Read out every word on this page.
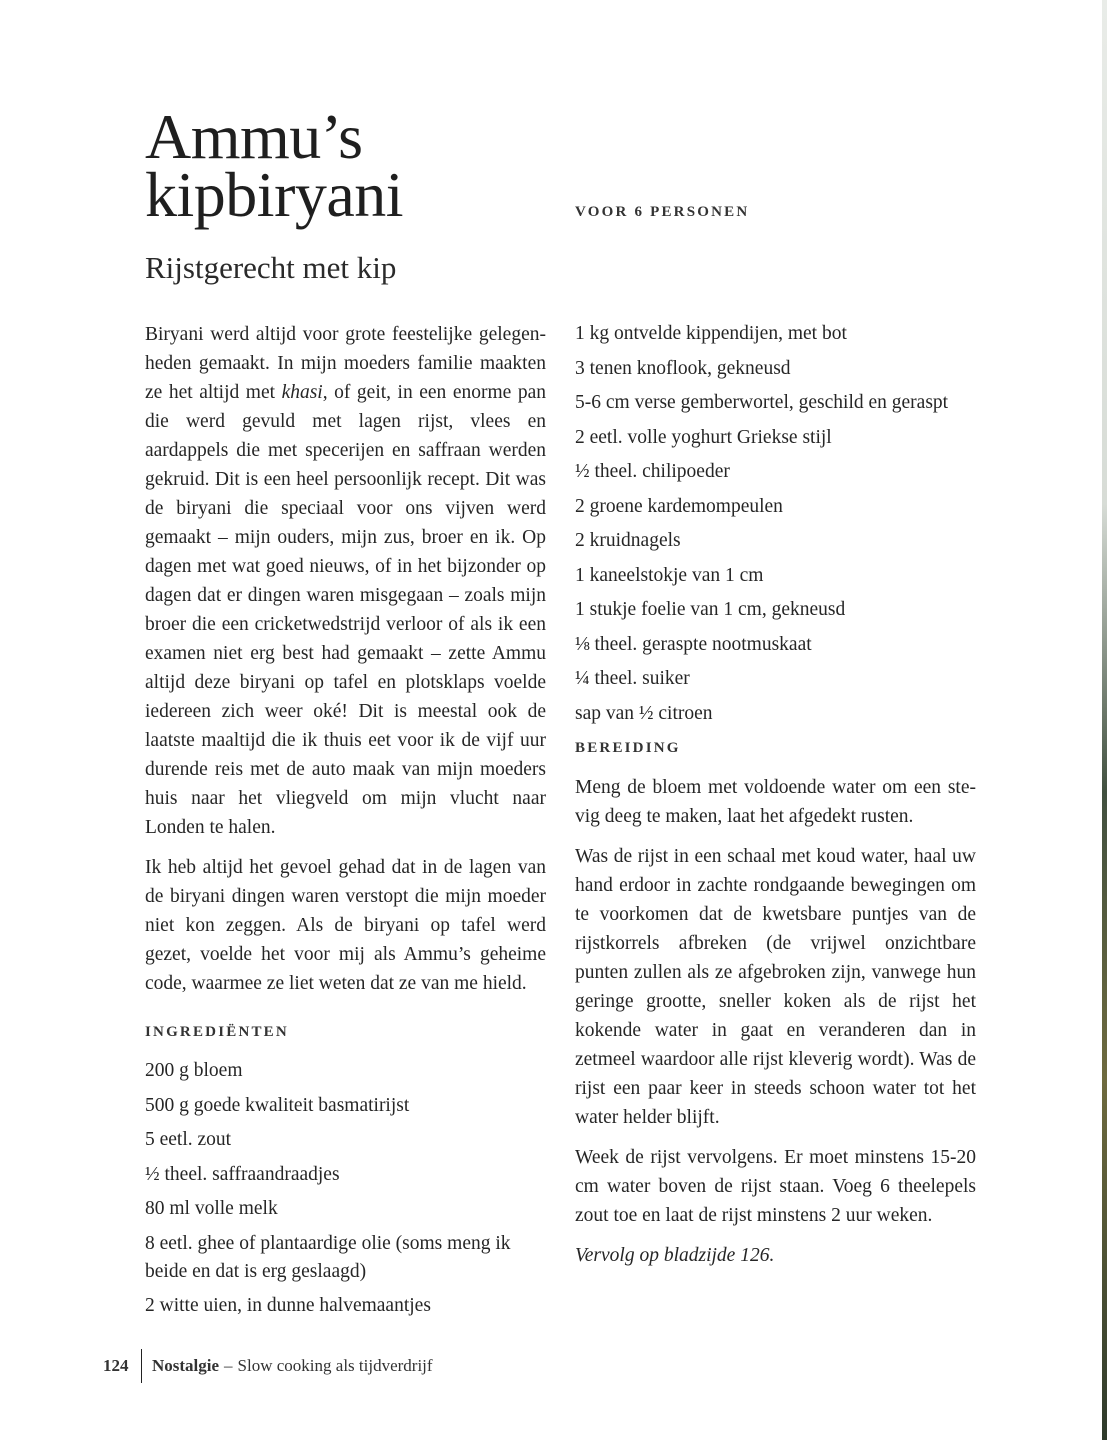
Ammu’s
kipbiryani
Rijstgerecht met kip
VOOR 6 PERSONEN

Biryani werd altijd voor grote feestelijke gelegenheden gemaakt. In mijn moeders familie maakten ze het altijd met khasi, of geit, in een enorme pan die werd gevuld met lagen rijst, vlees en aardappels die met specerijen en saffraan werden gekruid. Dit is een heel persoonlijk recept. Dit was de biryani die speciaal voor ons vijven werd gemaakt – mijn ouders, mijn zus, broer en ik. Op dagen met wat goed nieuws, of in het bijzonder op dagen dat er dingen waren misgegaan – zoals mijn broer die een cricketwedstrijd verloor of als ik een examen niet erg best had gemaakt – zette Ammu altijd deze biryani op tafel en plotsklaps voelde iedereen zich weer oké! Dit is meestal ook de laatste maaltijd die ik thuis eet voor ik de vijf uur durende reis met de auto maak van mijn moeders huis naar het vliegveld om mijn vlucht naar Londen te halen.

Ik heb altijd het gevoel gehad dat in de lagen van de biryani dingen waren verstopt die mijn moeder niet kon zeggen. Als de biryani op tafel werd gezet, voelde het voor mij als Ammu’s geheime code, waarmee ze liet weten dat ze van me hield.

INGREDIËNTEN
200 g bloem
500 g goede kwaliteit basmatirijst
5 eetl. zout
½ theel. saffraandraadjes
80 ml volle melk
8 eetl. ghee of plantaardige olie (soms meng ik beide en dat is erg geslaagd)
2 witte uien, in dunne halvemaantjes
1 kg ontvelde kippendijen, met bot
3 tenen knoflook, gekneusd
5-6 cm verse gemberwortel, geschild en geraspt
2 eetl. volle yoghurt Griekse stijl
½ theel. chilipoeder
2 groene kardemompeulen
2 kruidnagels
1 kaneelstokje van 1 cm
1 stukje foelie van 1 cm, gekneusd
⅛ theel. geraspte nootmuskaat
¼ theel. suiker
sap van ½ citroen
BEREIDING

Meng de bloem met voldoende water om een stevig deeg te maken, laat het afgedekt rusten.

Was de rijst in een schaal met koud water, haal uw hand erdoor in zachte rondgaande bewegingen om te voorkomen dat de kwetsbare puntjes van de rijstkorrels afbreken (de vrijwel onzichtbare punten zullen als ze afgebroken zijn, vanwege hun geringe grootte, sneller koken als de rijst het kokende water in gaat en veranderen dan in zetmeel waardoor alle rijst kleverig wordt). Was de rijst een paar keer in steeds schoon water tot het water helder blijft.

Week de rijst vervolgens. Er moet minstens 15-20 cm water boven de rijst staan. Voeg 6 theelepels zout toe en laat de rijst minstens 2 uur weken.

Vervolg op bladzijde 126.

124 Nostalgie – Slow cooking als tijdverdrijf
